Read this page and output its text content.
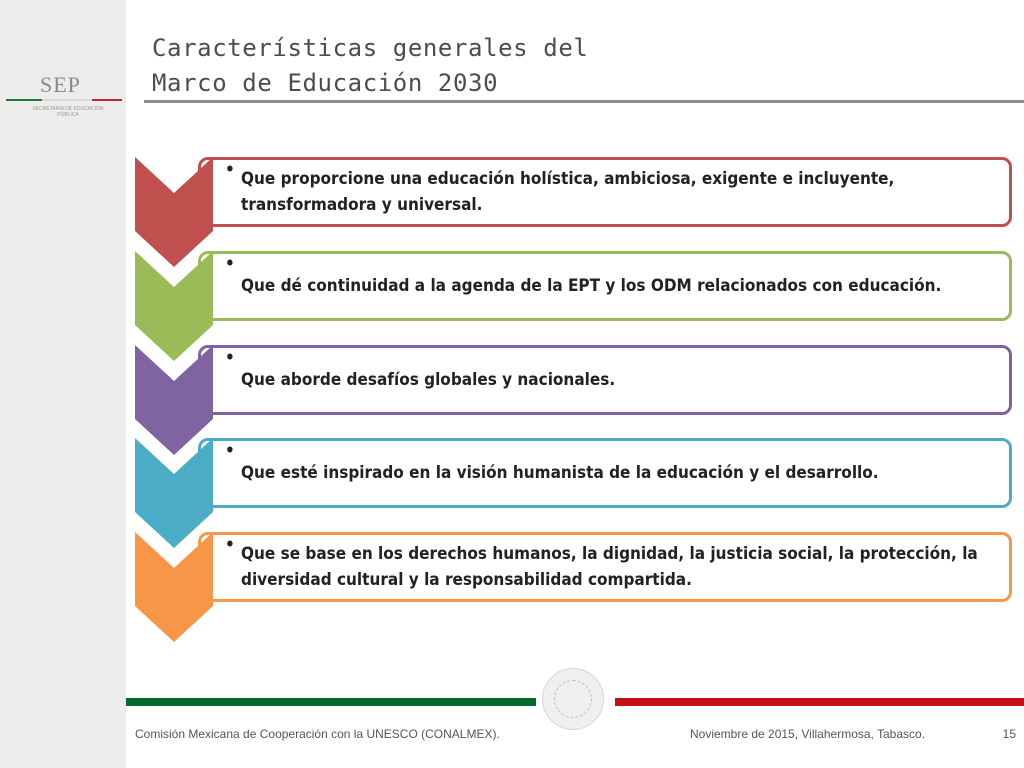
SEP
SECRETARÍA DE EDUCACIÓN PÚBLICA
Características generales del
Marco de Educación 2030
• Que proporcione una educación holística, ambiciosa, exigente e incluyente, transformadora y universal.
•
Que dé continuidad a la agenda de la EPT y los ODM relacionados con educación.
•
Que aborde desafíos globales y nacionales.
•
Que esté inspirado en la visión humanista de la educación y el desarrollo.
• Que se base en los derechos humanos, la dignidad, la justicia social, la protección, la diversidad cultural y la responsabilidad compartida.
Comisión Mexicana de Cooperación con la UNESCO (CONALMEX).	Noviembre de 2015, Villahermosa, Tabasco.	15
